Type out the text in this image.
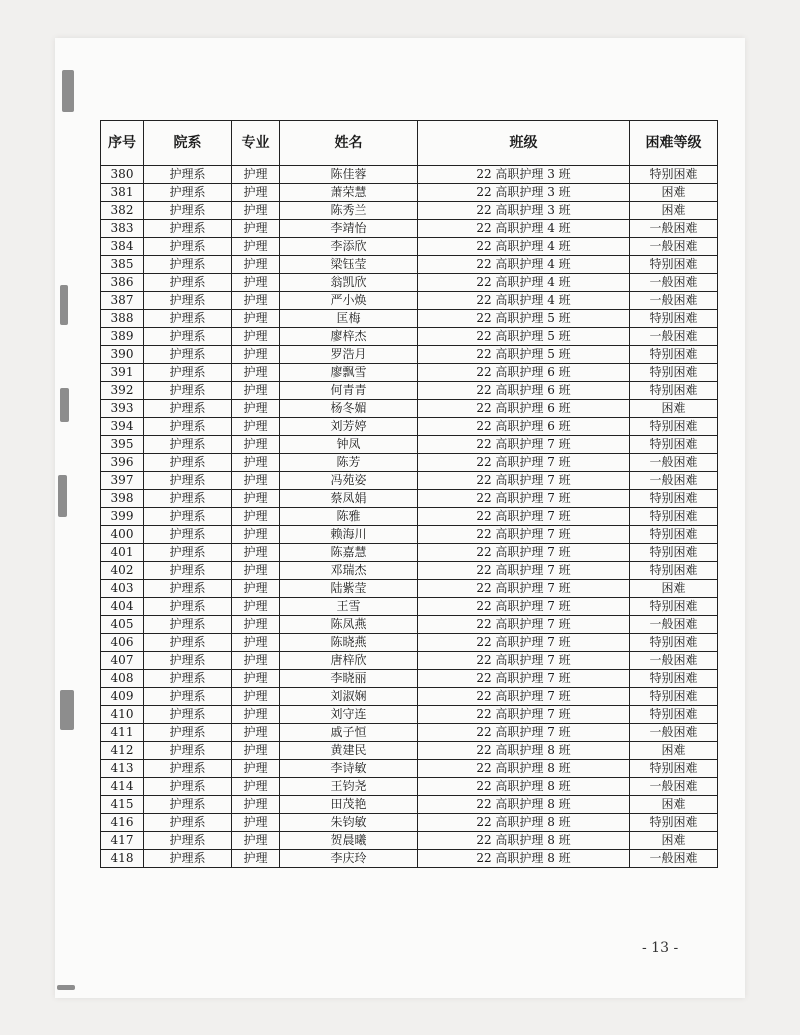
序号	院系	专业	姓名	班级	困难等级
380	护理系	护理	陈佳蓉	22 高职护理 3 班	特别困难
381	护理系	护理	萧荣慧	22 高职护理 3 班	困难
382	护理系	护理	陈秀兰	22 高职护理 3 班	困难
383	护理系	护理	李靖怡	22 高职护理 4 班	一般困难
384	护理系	护理	李添欣	22 高职护理 4 班	一般困难
385	护理系	护理	梁钰莹	22 高职护理 4 班	特别困难
386	护理系	护理	翁凯欣	22 高职护理 4 班	一般困难
387	护理系	护理	严小焕	22 高职护理 4 班	一般困难
388	护理系	护理	匡梅	22 高职护理 5 班	特别困难
389	护理系	护理	廖梓杰	22 高职护理 5 班	一般困难
390	护理系	护理	罗浩月	22 高职护理 5 班	特别困难
391	护理系	护理	廖飘雪	22 高职护理 6 班	特别困难
392	护理系	护理	何青青	22 高职护理 6 班	特别困难
393	护理系	护理	杨冬媚	22 高职护理 6 班	困难
394	护理系	护理	刘芳婷	22 高职护理 6 班	特别困难
395	护理系	护理	钟凤	22 高职护理 7 班	特别困难
396	护理系	护理	陈芳	22 高职护理 7 班	一般困难
397	护理系	护理	冯苑姿	22 高职护理 7 班	一般困难
398	护理系	护理	蔡凤娟	22 高职护理 7 班	特别困难
399	护理系	护理	陈雅	22 高职护理 7 班	特别困难
400	护理系	护理	赖海川	22 高职护理 7 班	特别困难
401	护理系	护理	陈嘉慧	22 高职护理 7 班	特别困难
402	护理系	护理	邓瑞杰	22 高职护理 7 班	特别困难
403	护理系	护理	陆紫莹	22 高职护理 7 班	困难
404	护理系	护理	王雪	22 高职护理 7 班	特别困难
405	护理系	护理	陈凤燕	22 高职护理 7 班	一般困难
406	护理系	护理	陈晓燕	22 高职护理 7 班	特别困难
407	护理系	护理	唐梓欣	22 高职护理 7 班	一般困难
408	护理系	护理	李晓丽	22 高职护理 7 班	特别困难
409	护理系	护理	刘淑娴	22 高职护理 7 班	特别困难
410	护理系	护理	刘守连	22 高职护理 7 班	特别困难
411	护理系	护理	戚子恒	22 高职护理 7 班	一般困难
412	护理系	护理	黄建民	22 高职护理 8 班	困难
413	护理系	护理	李诗敏	22 高职护理 8 班	特别困难
414	护理系	护理	王钧尧	22 高职护理 8 班	一般困难
415	护理系	护理	田茂艳	22 高职护理 8 班	困难
416	护理系	护理	朱钧敏	22 高职护理 8 班	特别困难
417	护理系	护理	贺晨曦	22 高职护理 8 班	困难
418	护理系	护理	李庆玲	22 高职护理 8 班	一般困难
- 13 -
